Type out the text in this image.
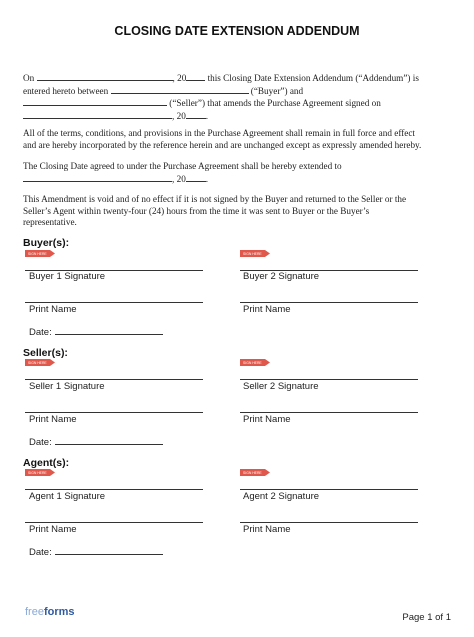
CLOSING DATE EXTENSION ADDENDUM
On	, 20 this Closing Date Extension Addendum (“Addendum”) is
entered hereto between	(“Buyer”) and
(“Seller”) that amends the Purchase Agreement signed on
, 20 .
All of the terms, conditions, and provisions in the Purchase Agreement shall remain in full force and effect
and are hereby incorporated by the reference herein and are unchanged except as expressly amended hereby.
The Closing Date agreed to under the Purchase Agreement shall be hereby extended to
, 20 .
This Amendment is void and of no effect if it is not signed by the Buyer and returned to the Seller or the
Seller’s Agent within twenty-four (24) hours from the time it was sent to Buyer or the Buyer’s
representative.
Buyer(s):
SIGN HERE	SIGN HERE

Buyer 1 Signature	Buyer 2 Signature

Print Name	Print Name

Date:

Seller(s):
SIGN HERE	SIGN HERE

Seller 1 Signature	Seller 2 Signature

Print Name	Print Name

Date:

Agent(s):
SIGN HERE	SIGN HERE

Agent 1 Signature	Agent 2 Signature

Print Name	Print Name

Date:

freeforms	Page 1 of 1
